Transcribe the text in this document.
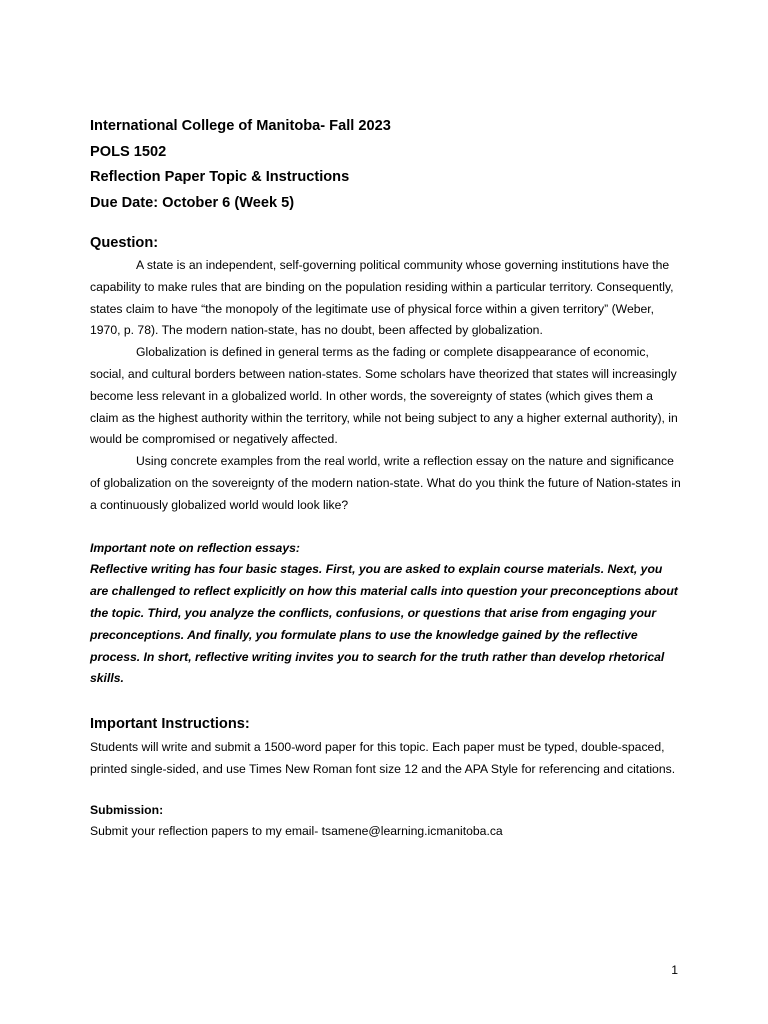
International College of Manitoba- Fall 2023
POLS 1502
Reflection Paper Topic & Instructions
Due Date: October 6 (Week 5)
Question:

A state is an independent, self-governing political community whose governing institutions have the capability to make rules that are binding on the population residing within a particular territory. Consequently, states claim to have “the monopoly of the legitimate use of physical force within a given territory” (Weber, 1970, p. 78). The modern nation-state, has no doubt, been affected by globalization.

Globalization is defined in general terms as the fading or complete disappearance of economic, social, and cultural borders between nation-states. Some scholars have theorized that states will increasingly become less relevant in a globalized world. In other words, the sovereignty of states (which gives them a claim as the highest authority within the territory, while not being subject to any a higher external authority), in would be compromised or negatively affected.

Using concrete examples from the real world, write a reflection essay on the nature and significance of globalization on the sovereignty of the modern nation-state. What do you think the future of Nation-states in a continuously globalized world would look like?

Important note on reflection essays:
Reflective writing has four basic stages. First, you are asked to explain course materials. Next, you are challenged to reflect explicitly on how this material calls into question your preconceptions about the topic. Third, you analyze the conflicts, confusions, or questions that arise from engaging your preconceptions. And finally, you formulate plans to use the knowledge gained by the reflective process. In short, reflective writing invites you to search for the truth rather than develop rhetorical skills.
Important Instructions:

Students will write and submit a 1500-word paper for this topic. Each paper must be typed, double-spaced, printed single-sided, and use Times New Roman font size 12 and the APA Style for referencing and citations.

Submission:
Submit your reflection papers to my email- tsamene@learning.icmanitoba.ca
1
